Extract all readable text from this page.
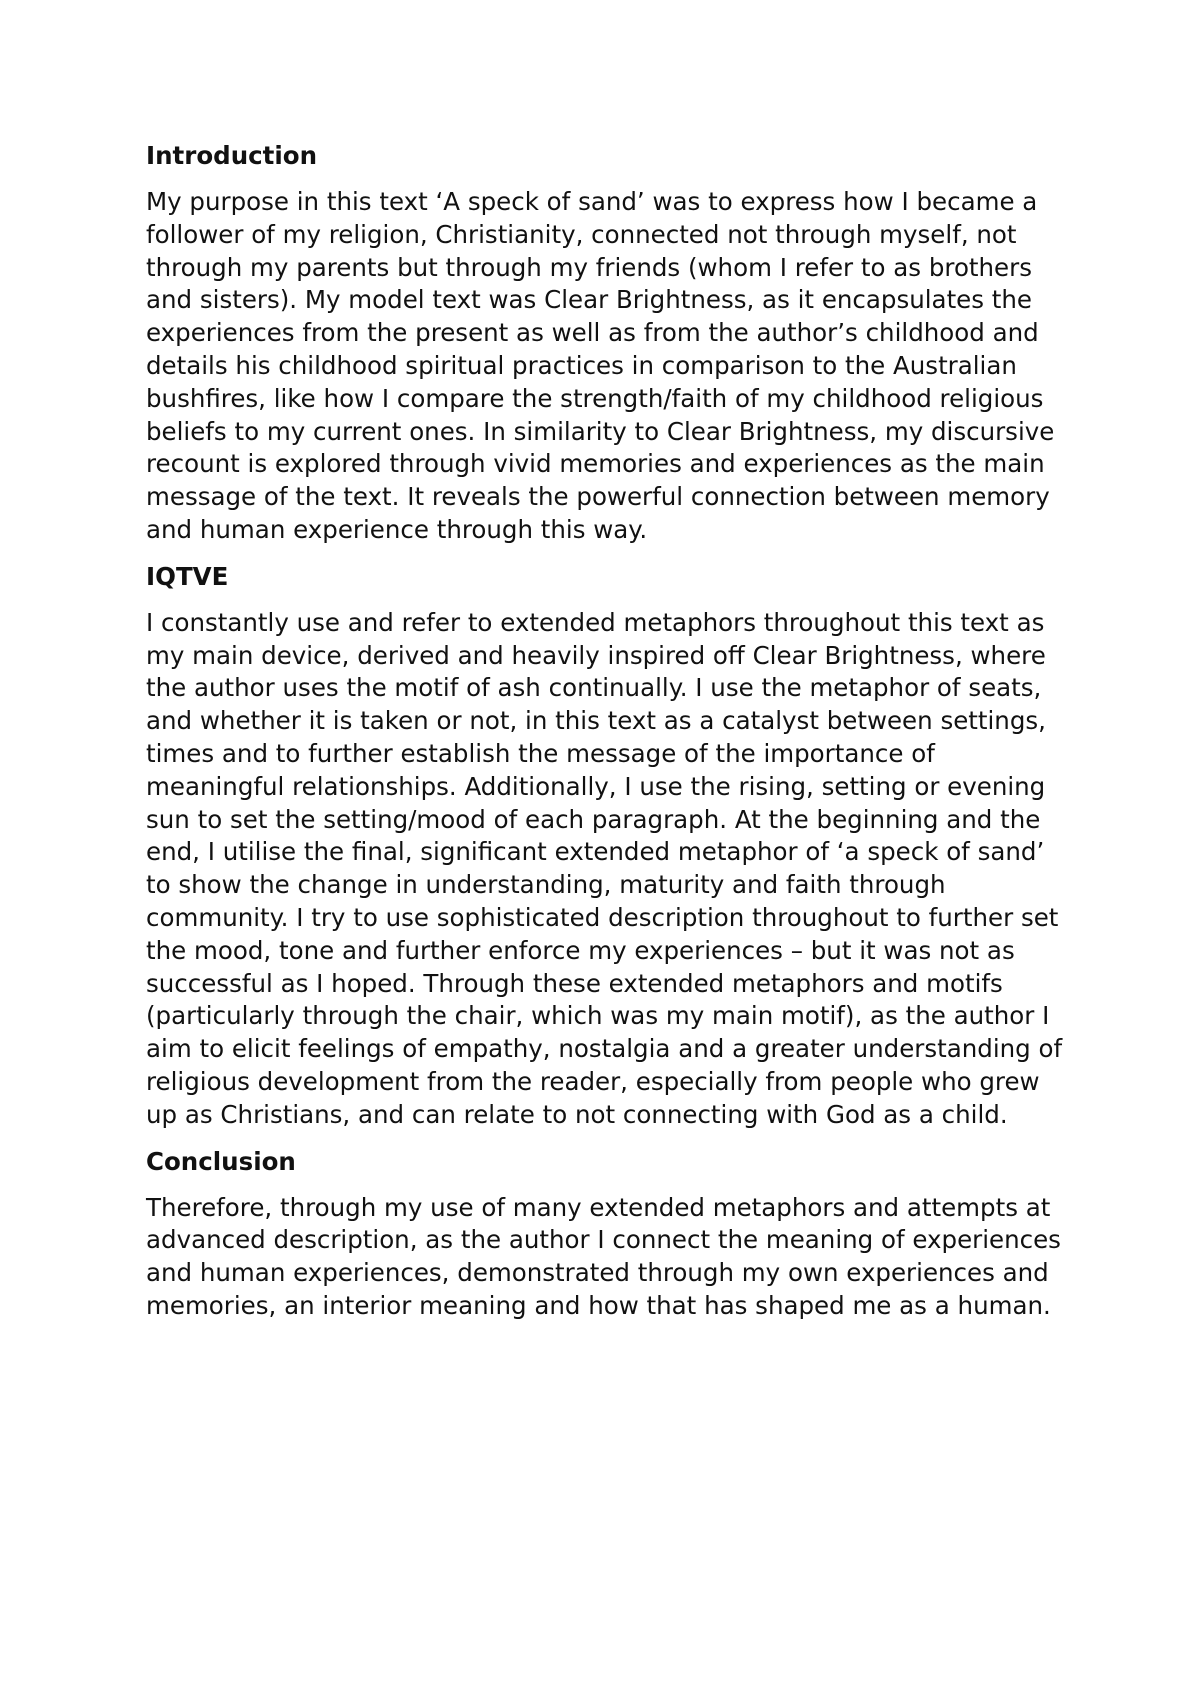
Introduction

My purpose in this text ‘A speck of sand’ was to express how I became a follower of my religion, Christianity, connected not through myself, not through my parents but through my friends (whom I refer to as brothers and sisters). My model text was Clear Brightness, as it encapsulates the experiences from the present as well as from the author’s childhood and details his childhood spiritual practices in comparison to the Australian bushfires, like how I compare the strength/faith of my childhood religious beliefs to my current ones. In similarity to Clear Brightness, my discursive recount is explored through vivid memories and experiences as the main message of the text. It reveals the powerful connection between memory and human experience through this way.

IQTVE

I constantly use and refer to extended metaphors throughout this text as my main device, derived and heavily inspired off Clear Brightness, where the author uses the motif of ash continually. I use the metaphor of seats, and whether it is taken or not, in this text as a catalyst between settings, times and to further establish the message of the importance of meaningful relationships. Additionally, I use the rising, setting or evening sun to set the setting/mood of each paragraph. At the beginning and the end, I utilise the final, significant extended metaphor of ‘a speck of sand’ to show the change in understanding, maturity and faith through community. I try to use sophisticated description throughout to further set the mood, tone and further enforce my experiences – but it was not as successful as I hoped. Through these extended metaphors and motifs (particularly through the chair, which was my main motif), as the author I aim to elicit feelings of empathy, nostalgia and a greater understanding of religious development from the reader, especially from people who grew up as Christians, and can relate to not connecting with God as a child.

Conclusion

Therefore, through my use of many extended metaphors and attempts at advanced description, as the author I connect the meaning of experiences and human experiences, demonstrated through my own experiences and memories, an interior meaning and how that has shaped me as a human.
